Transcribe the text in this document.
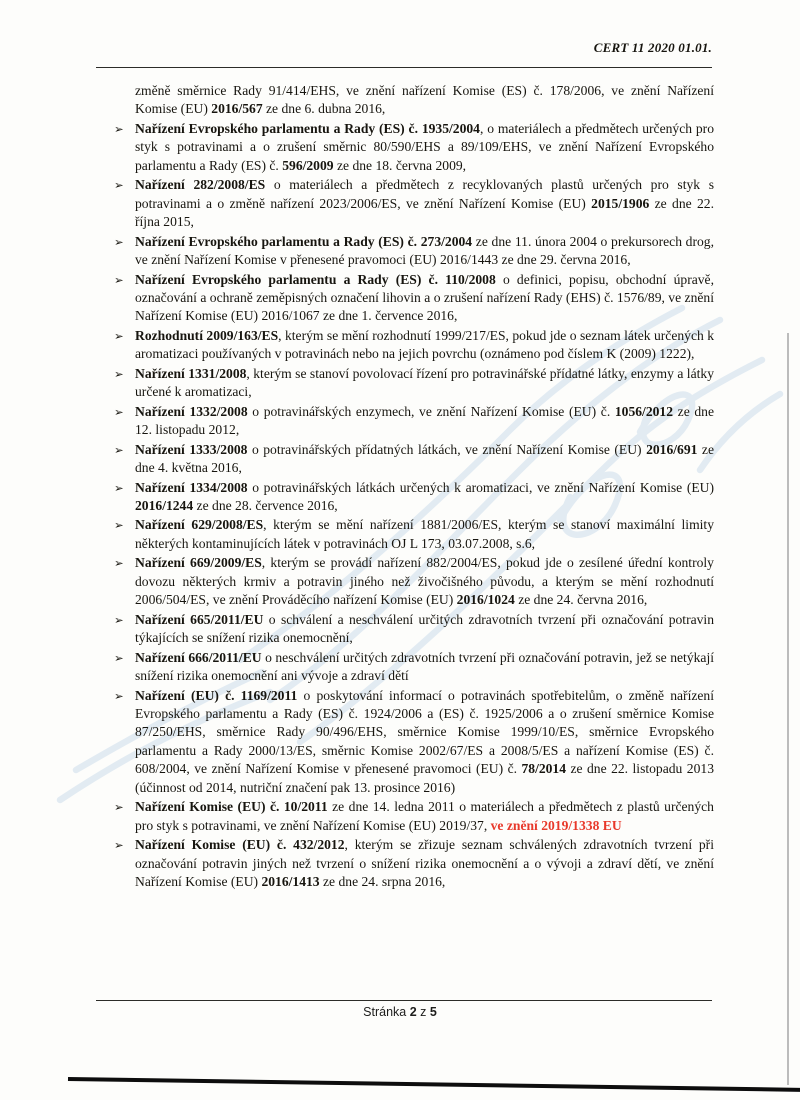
CERT 11 2020 01.01.

změně směrnice Rady 91/414/EHS, ve znění nařízení Komise (ES) č. 178/2006, ve znění Nařízení Komise (EU) 2016/567 ze dne 6. dubna 2016,

➢ Nařízení Evropského parlamentu a Rady (ES) č. 1935/2004, o materiálech a předmětech určených pro styk s potravinami a o zrušení směrnic 80/590/EHS a 89/109/EHS, ve znění Nařízení Evropského parlamentu a Rady (ES) č. 596/2009 ze dne 18. června 2009,
➢ Nařízení 282/2008/ES o materiálech a předmětech z recyklovaných plastů určených pro styk s potravinami a o změně nařízení 2023/2006/ES, ve znění Nařízení Komise (EU) 2015/1906 ze dne 22. října 2015,
➢ Nařízení Evropského parlamentu a Rady (ES) č. 273/2004 ze dne 11. února 2004 o prekursorech drog, ve znění Nařízení Komise v přenesené pravomoci (EU) 2016/1443 ze dne 29. června 2016,
➢ Nařízení Evropského parlamentu a Rady (ES) č. 110/2008 o definici, popisu, obchodní úpravě, označování a ochraně zeměpisných označení lihovin a o zrušení nařízení Rady (EHS) č. 1576/89, ve znění Nařízení Komise (EU) 2016/1067 ze dne 1. července 2016,
➢ Rozhodnutí 2009/163/ES, kterým se mění rozhodnutí 1999/217/ES, pokud jde o seznam látek určených k aromatizaci používaných v potravinách nebo na jejich povrchu (oznámeno pod číslem K (2009) 1222),
➢ Nařízení 1331/2008, kterým se stanoví povolovací řízení pro potravinářské přídatné látky, enzymy a látky určené k aromatizaci,
➢ Nařízení 1332/2008 o potravinářských enzymech, ve znění Nařízení Komise (EU) č. 1056/2012 ze dne 12. listopadu 2012,
➢ Nařízení 1333/2008 o potravinářských přídatných látkách, ve znění Nařízení Komise (EU) 2016/691 ze dne 4. května 2016,
➢ Nařízení 1334/2008 o potravinářských látkách určených k aromatizaci, ve znění Nařízení Komise (EU) 2016/1244 ze dne 28. července 2016,
➢ Nařízení 629/2008/ES, kterým se mění nařízení 1881/2006/ES, kterým se stanoví maximální limity některých kontaminujících látek v potravinách OJ L 173, 03.07.2008, s.6,
➢ Nařízení 669/2009/ES, kterým se provádí nařízení 882/2004/ES, pokud jde o zesílené úřední kontroly dovozu některých krmiv a potravin jiného než živočišného původu, a kterým se mění rozhodnutí 2006/504/ES, ve znění Prováděcího nařízení Komise (EU) 2016/1024 ze dne 24. června 2016,
➢ Nařízení 665/2011/EU o schválení a neschválení určitých zdravotních tvrzení při označování potravin týkajících se snížení rizika onemocnění,
➢ Nařízení 666/2011/EU o neschválení určitých zdravotních tvrzení při označování potravin, jež se netýkají snížení rizika onemocnění ani vývoje a zdraví dětí
➢ Nařízení (EU) č. 1169/2011 o poskytování informací o potravinách spotřebitelům, o změně nařízení Evropského parlamentu a Rady (ES) č. 1924/2006 a (ES) č. 1925/2006 a o zrušení směrnice Komise 87/250/EHS, směrnice Rady 90/496/EHS, směrnice Komise 1999/10/ES, směrnice Evropského parlamentu a Rady 2000/13/ES, směrnic Komise 2002/67/ES a 2008/5/ES a nařízení Komise (ES) č. 608/2004, ve znění Nařízení Komise v přenesené pravomoci (EU) č. 78/2014 ze dne 22. listopadu 2013 (účinnost od 2014, nutriční značení pak 13. prosince 2016)
➢ Nařízení Komise (EU) č. 10/2011 ze dne 14. ledna 2011 o materiálech a předmětech z plastů určených pro styk s potravinami, ve znění Nařízení Komise (EU) 2019/37, ve znění 2019/1338 EU
➢ Nařízení Komise (EU) č. 432/2012, kterým se zřizuje seznam schválených zdravotních tvrzení při označování potravin jiných než tvrzení o snížení rizika onemocnění a o vývoji a zdraví dětí, ve znění Nařízení Komise (EU) 2016/1413 ze dne 24. srpna 2016,
Stránka 2 z 5
